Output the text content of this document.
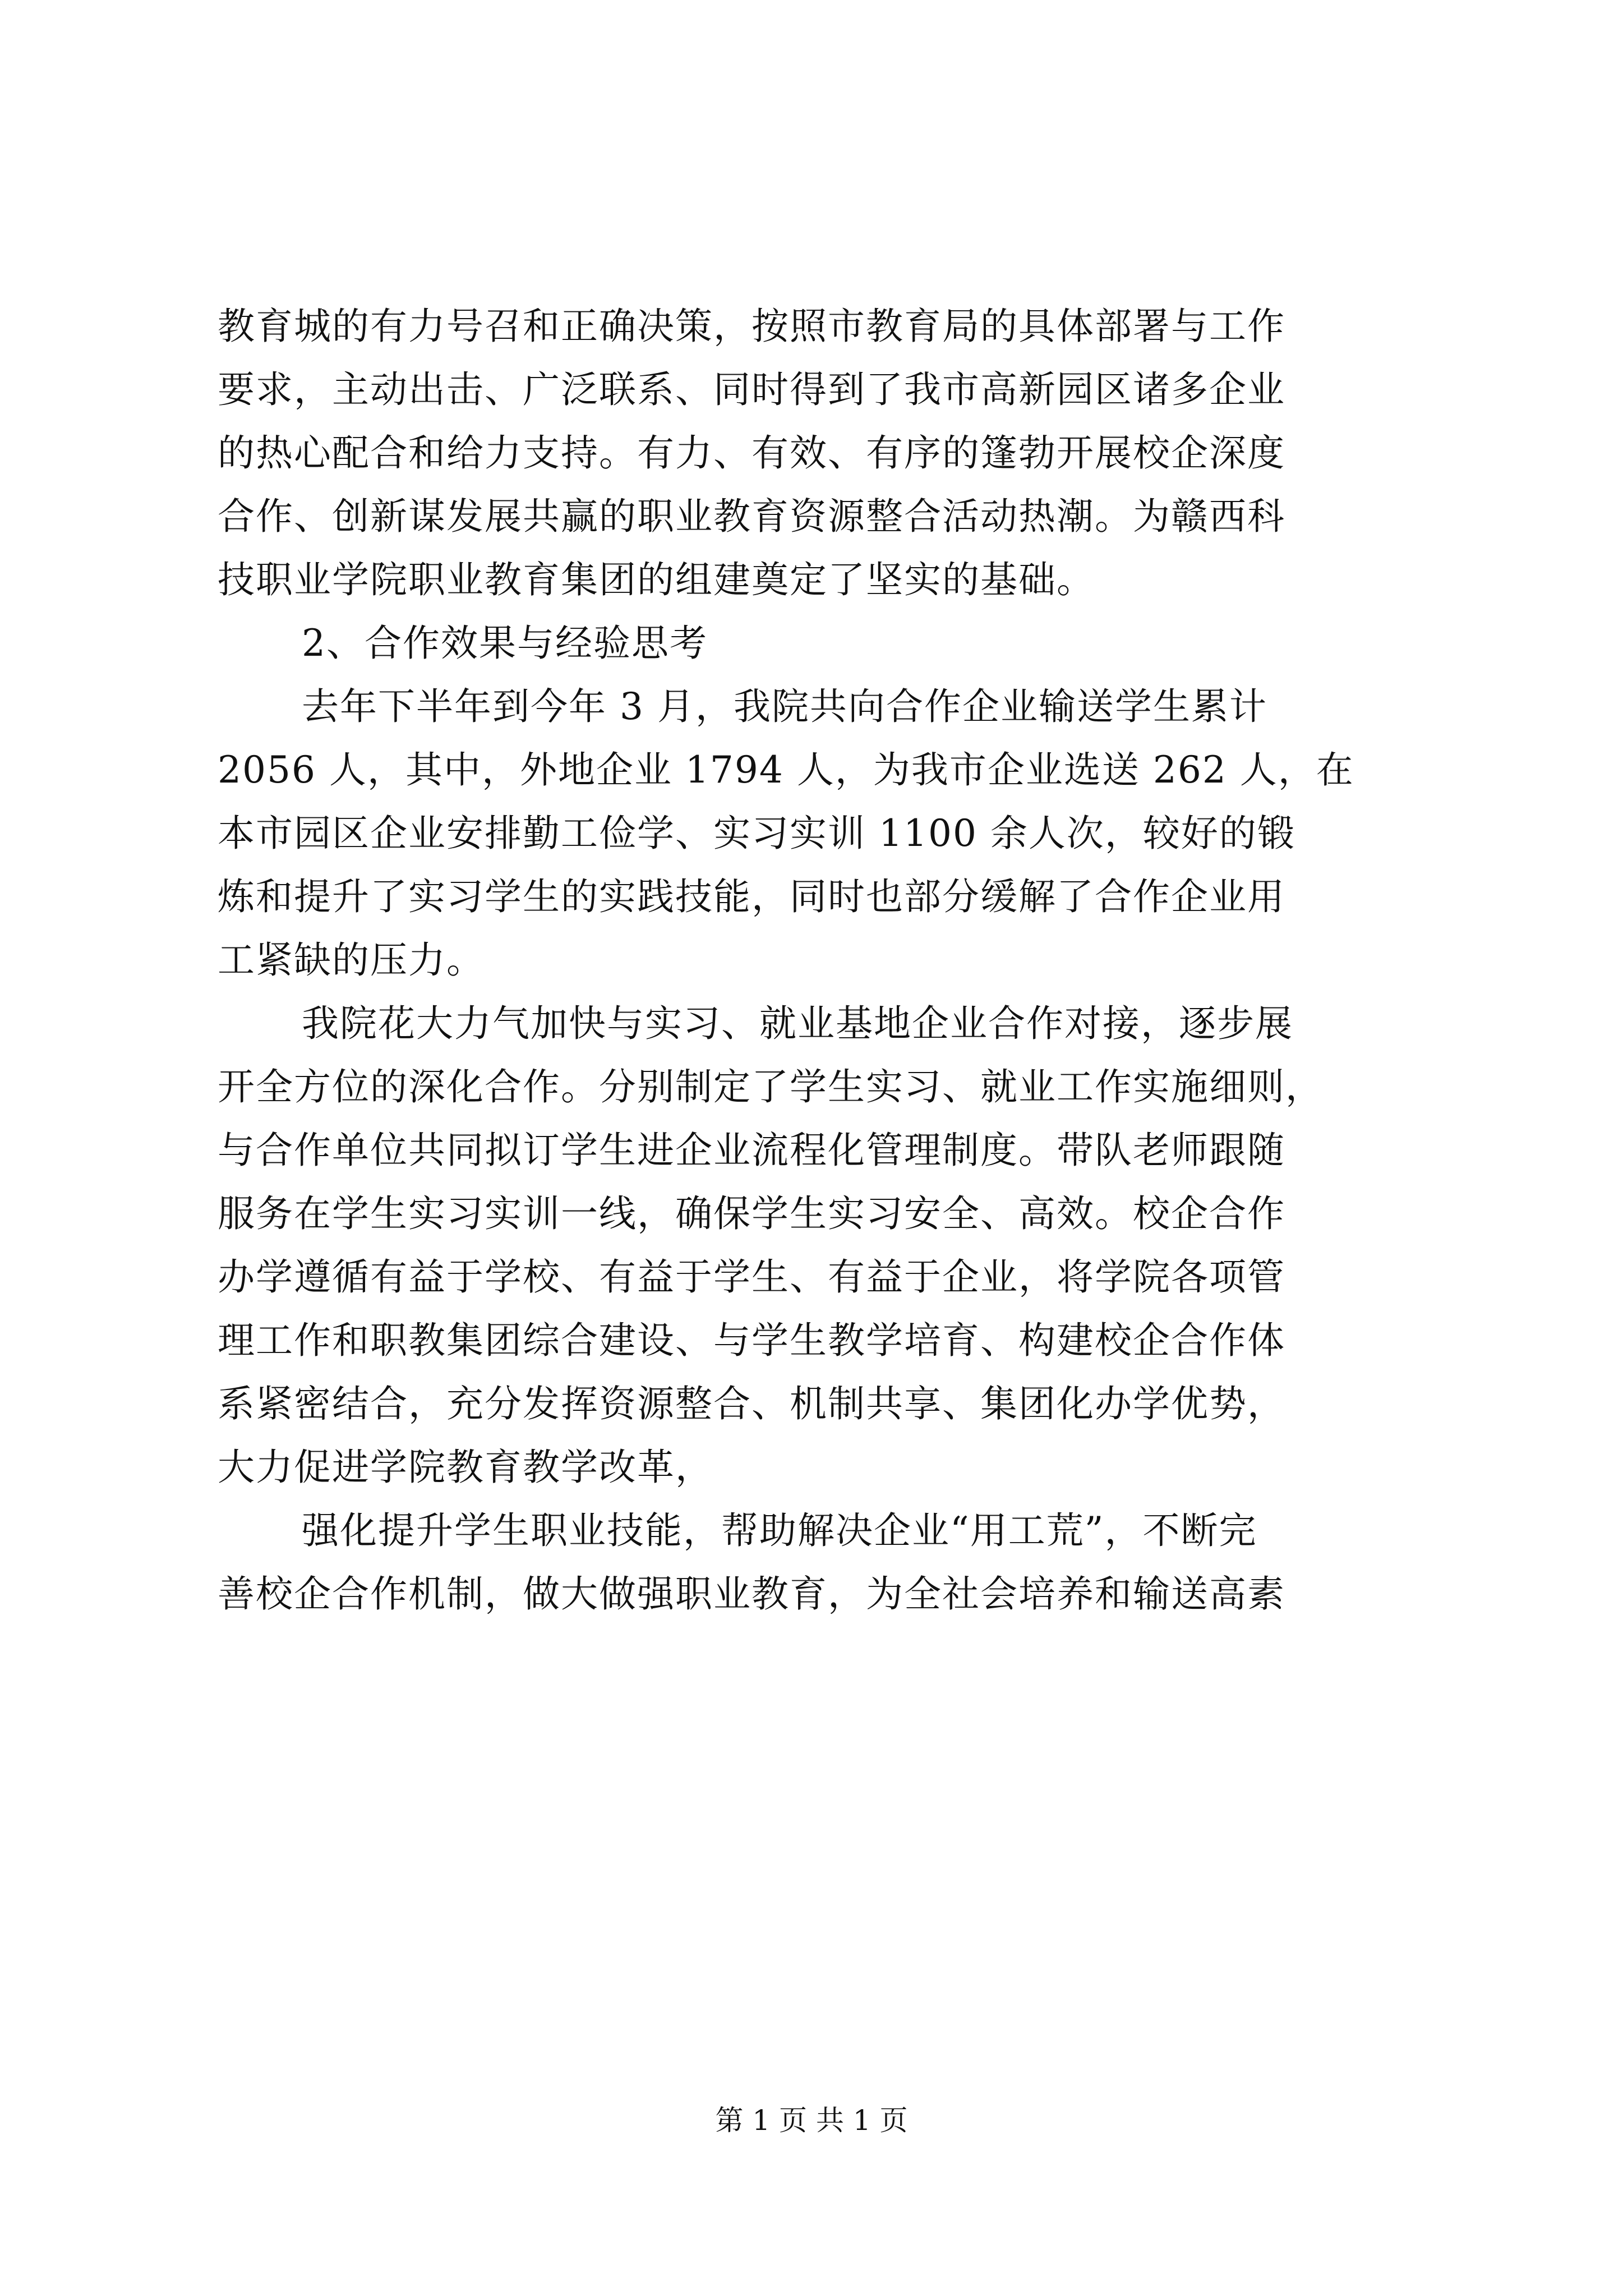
教育城的有力号召和正确决策，按照市教育局的具体部署与工作
要求，主动出击、广泛联系、同时得到了我市高新园区诸多企业
的热心配合和给力支持。有力、有效、有序的篷勃开展校企深度
合作、创新谋发展共赢的职业教育资源整合活动热潮。为赣西科
技职业学院职业教育集团的组建奠定了坚实的基础。
2、合作效果与经验思考
去年下半年到今年 3 月，我院共向合作企业输送学生累计
2056 人，其中，外地企业 1794 人，为我市企业选送 262 人，在
本市园区企业安排勤工俭学、实习实训 1100 余人次，较好的锻
炼和提升了实习学生的实践技能，同时也部分缓解了合作企业用
工紧缺的压力。
我院花大力气加快与实习、就业基地企业合作对接，逐步展
开全方位的深化合作。分别制定了学生实习、就业工作实施细则，
与合作单位共同拟订学生进企业流程化管理制度。带队老师跟随
服务在学生实习实训一线，确保学生实习安全、高效。校企合作
办学遵循有益于学校、有益于学生、有益于企业，将学院各项管
理工作和职教集团综合建设、与学生教学培育、构建校企合作体
系紧密结合，充分发挥资源整合、机制共享、集团化办学优势，
大力促进学院教育教学改革，
强化提升学生职业技能，帮助解决企业“用工荒”，不断完
善校企合作机制，做大做强职业教育，为全社会培养和输送高素
第 1 页 共 1 页
